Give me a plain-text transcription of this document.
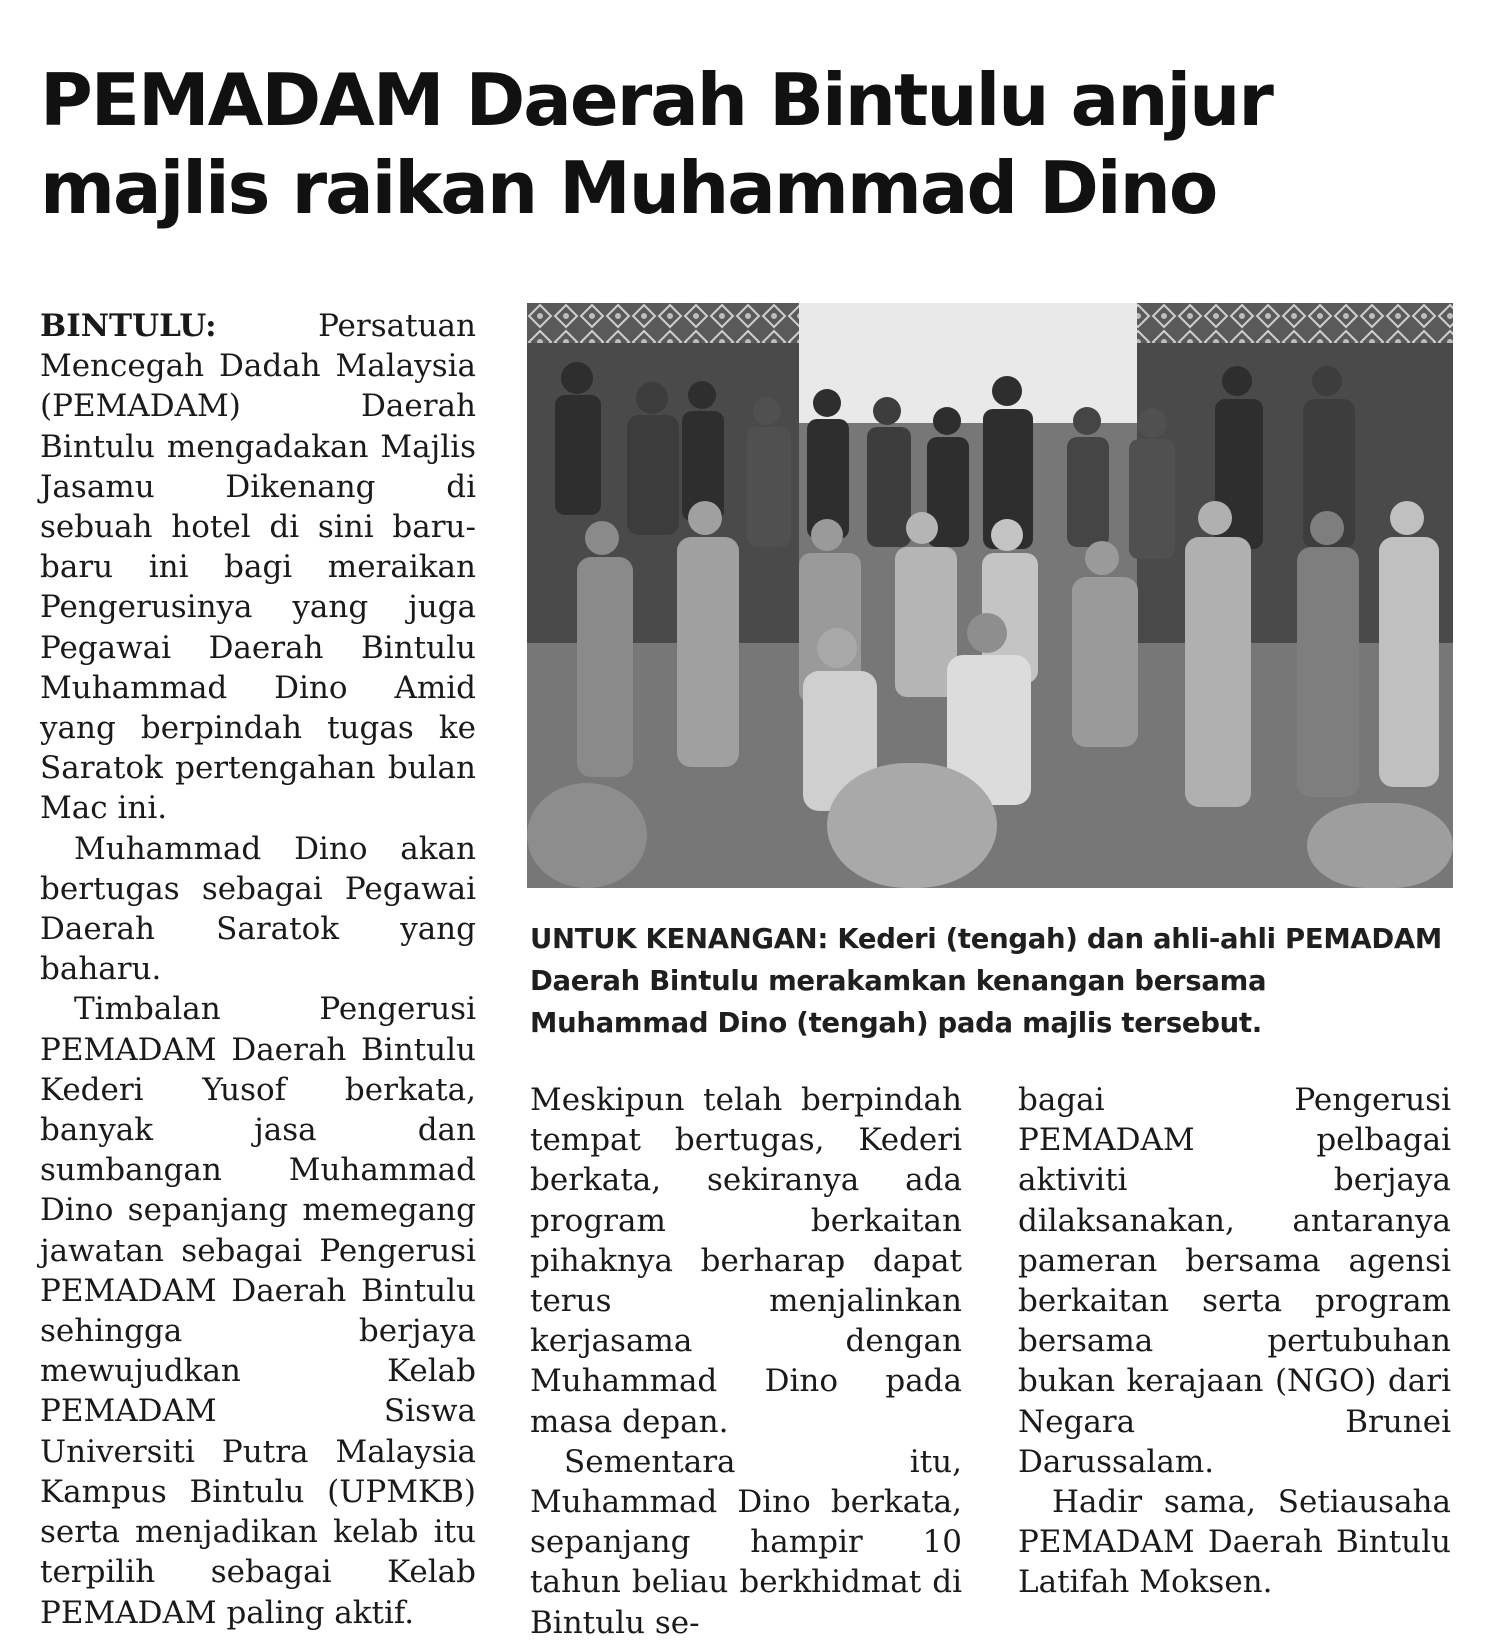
PEMADAM Daerah Bintulu anjur majlis raikan Muhammad Dino

BINTULU:	Persatuan Mencegah Dadah Malaysia (PEMADAM) Daerah Bintulu mengadakan Majlis Jasamu Dikenang di sebuah hotel di sini baru-baru ini bagi meraikan Pengerusinya yang juga Pegawai Daerah Bintulu Muhammad Dino Amid yang berpindah tugas ke Saratok pertengahan bulan Mac ini.

Muhammad Dino akan bertugas sebagai Pegawai Daerah Saratok yang baharu.

Timbalan Pengerusi PEMADAM Daerah Bintulu Kederi Yusof berkata, banyak jasa dan sumbangan Muhammad Dino sepanjang memegang jawatan sebagai Pengerusi PEMADAM Daerah Bintulu sehingga berjaya mewujudkan Kelab PEMADAM Siswa Universiti Putra Malaysia Kampus Bintulu (UPMKB) serta menjadikan kelab itu terpilih sebagai Kelab PEMADAM paling aktif.

UNTUK KENANGAN: Kederi (tengah) dan ahli-ahli PEMADAM Daerah Bintulu merakamkan kenangan bersama Muhammad Dino (tengah) pada majlis tersebut.

Meskipun telah berpindah tempat bertugas, Kederi berkata, sekiranya ada program berkaitan pihaknya berharap dapat terus menjalinkan kerjasama dengan Muhammad Dino pada masa depan.

Sementara itu, Muhammad Dino berkata, sepanjang hampir 10 tahun beliau berkhidmat di Bintulu se-

bagai Pengerusi PEMADAM pelbagai aktiviti berjaya dilaksanakan, antaranya pameran bersama agensi berkaitan serta program bersama pertubuhan bukan kerajaan (NGO) dari Negara Brunei Darussalam.

Hadir sama, Setiausaha PEMADAM Daerah Bintulu Latifah Moksen.
